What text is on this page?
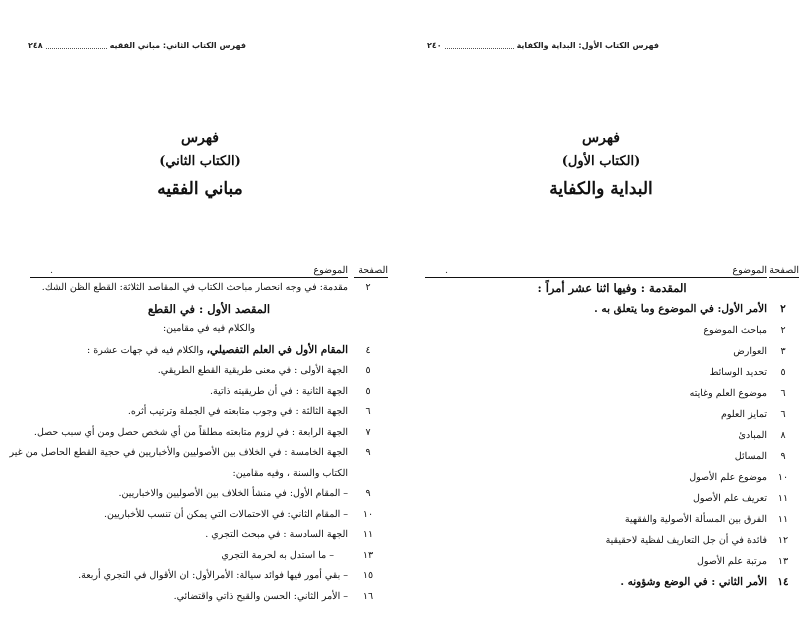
فهرس الكتاب الثاني: مباني الفقيه
٢٤٨
فهرس
(الكتاب الثاني)
مباني الفقيه
الصفحة
الموضوع
.
٢
مقدمة: في وجه انحصار مباحث الكتاب في المقاصد الثلاثة: القطع الظن الشك.
المقصد الأول : في القطع
والكلام فيه في مقامين:
٤
المقام الأول في العلم التفصيلي، والكلام فيه في جهات عشرة :
٥
الجهة الأولى : في معنى طريقية القطع الطريقي.
٥
الجهة الثانية : في أن طريقيته ذاتية.
٦
الجهة الثالثة : في وجوب متابعته في الجملة وترتيب أثره.
٧
الجهة الرابعة : في لزوم متابعته مطلقاً من أي شخص حصل ومن أي سبب حصل.
٩
الجهة الخامسة : في الخلاف بين الأصوليين والأخباريين في حجية القطع الحاصل من غير
الكتاب والسنة ، وفيه مقامين:
٩
– المقام الأول: في منشأ الخلاف بين الأصوليين والاخباريين.
١٠
– المقام الثاني: في الاحتمالات التي يمكن أن تنسب للأخباريين.
١١
الجهة السادسة : في مبحث التجري .
١٣
– ما استدل به لحرمة التجري
١٥
– بقي أمور فيها فوائد سيالة: الأمرالأول: ان الأقوال في التجري أربعة.
١٦
– الأمر الثاني: الحسن والقبح ذاتي واقتضائي.
فهرس الكتاب الأول: البداية والكفاية
٢٤٠
فهرس
(الكتاب الأول)
البداية والكفاية
الصفحة
الموضوع
.
المقدمة : وفيها اثنا عشر أمراً :
٢
الأمر الأول: في الموضوع وما يتعلق به .
٢
مباحث الموضوع
٣
العوارض
٥
تحديد الوسائط
٦
موضوع العلم وغايته
٦
تمايز العلوم
٨
المبادئ
٩
المسائل
١٠
موضوع علم الأصول
١١
تعريف علم الأصول
١١
الفرق بين المسألة الأصولية والفقهية
١٢
فائدة في أن جل التعاريف لفظية لاحقيقية
١٣
مرتبة علم الأصول
١٤
الأمر الثاني : في الوضع وشؤونه .
